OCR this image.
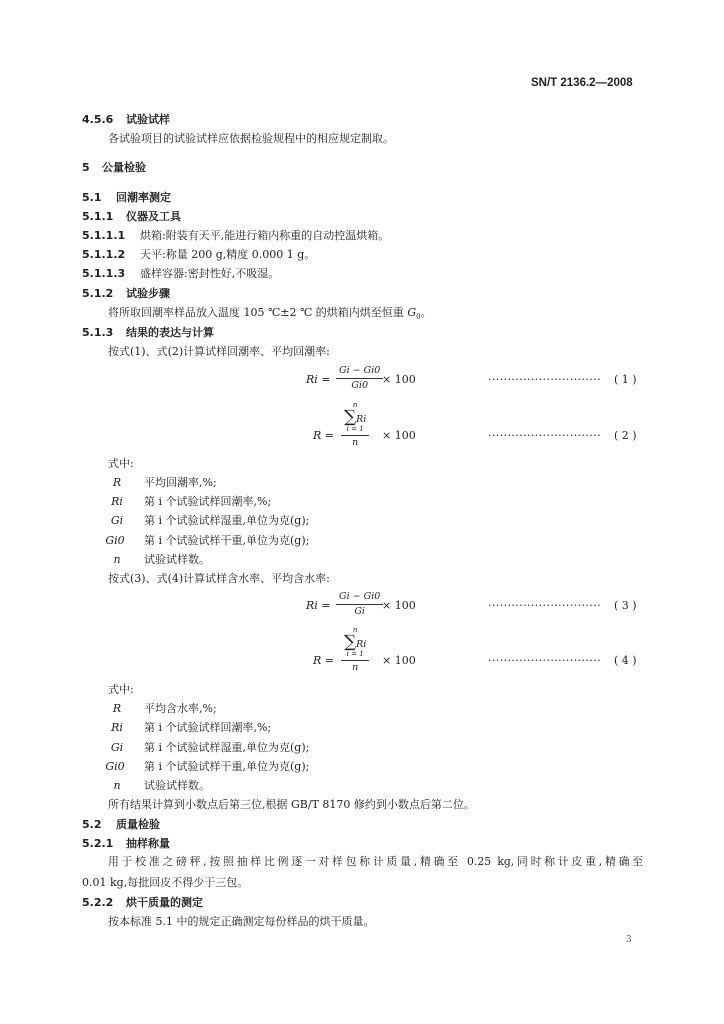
SN/T 2136.2—2008
4.5.6 试验试样
各试验项目的试验试样应依据检验规程中的相应规定制取。
5 公量检验
5.1 回潮率测定
5.1.1 仪器及工具
5.1.1.1 烘箱:附装有天平,能进行箱内称重的自动控温烘箱。
5.1.1.2 天平:称量 200 g,精度 0.000 1 g。
5.1.1.3 盛样容器:密封性好,不吸湿。
5.1.2 试验步骤
将所取回潮率样品放入温度 105 ℃±2 ℃ 的烘箱内烘至恒重 $G_0$。
5.1.3 结果的表达与计算
按式(1)、式(2)计算试样回潮率、平均回潮率:
$Ri = \frac{Gi - Gi0}{Gi0}$
× 100	····························· ( 1 )
R = n
∑Ri
i = 1
n × 100	····························· ( 2 )
式中:
R	平均回潮率,%;
Ri	第 i 个试验试样回潮率,%;
Gi	第 i 个试验试样湿重,单位为克(g);
Gi0	第 i 个试验试样干重,单位为克(g);
n	试验试样数。
按式(3)、式(4)计算试样含水率、平均含水率:
$Ri = \frac{Gi - Gi0}{Gi}$
× 100	····························· ( 3 )
R = n
∑Ri
i = 1
n × 100	····························· ( 4 )
式中:
R	平均含水率,%;
Ri	第 i 个试验试样回潮率,%;
Gi	第 i 个试验试样湿重,单位为克(g);
Gi0	第 i 个试验试样干重,单位为克(g);
n	试验试样数。
所有结果计算到小数点后第三位,根据 GB/T 8170 修约到小数点后第二位。
5.2 质量检验
5.2.1 抽样称量
用于校准之磅秤,按照抽样比例逐一对样包称计质量,精确至 0.25 kg,同时称计皮重,精确至
0.01 kg,每批回皮不得少于三包。
5.2.2 烘干质量的测定
按本标准 5.1 中的规定正确测定每份样品的烘干质量。
3
